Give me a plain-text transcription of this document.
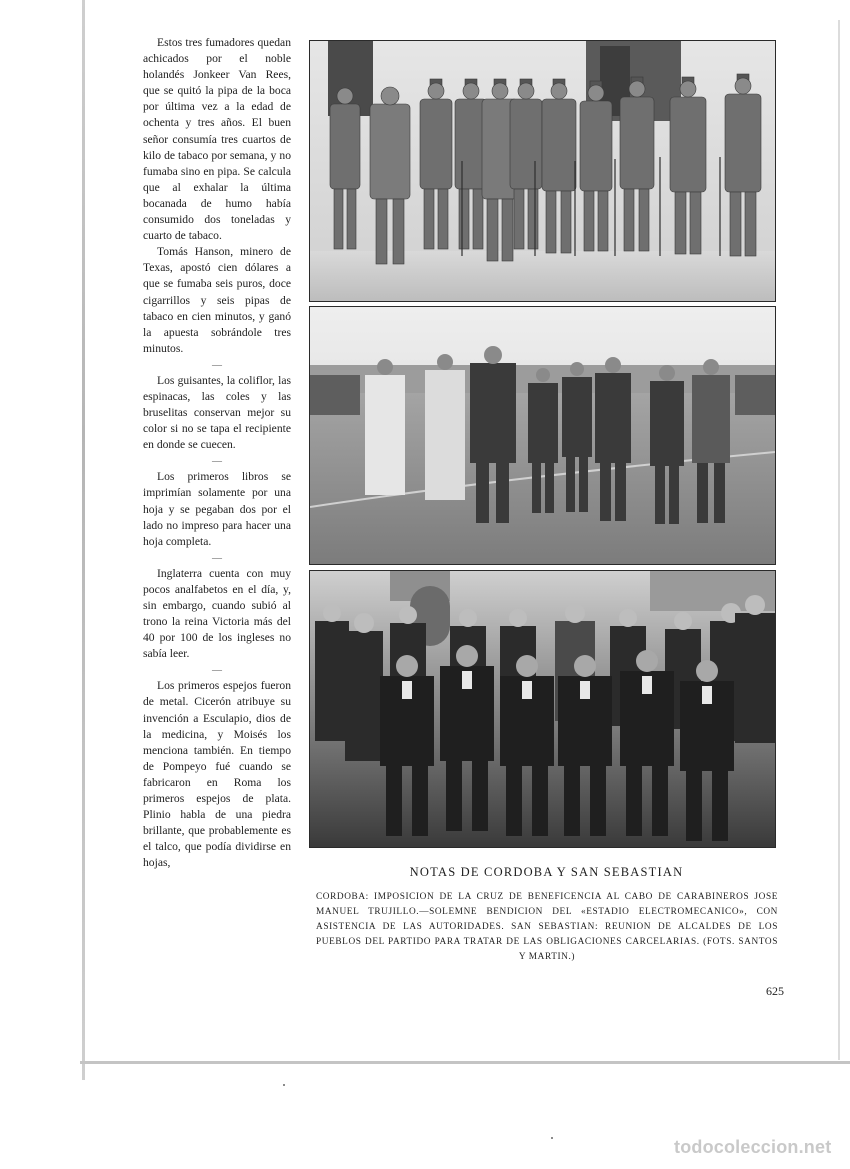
Estos tres fumadores quedan achicados por el noble holandés Jonkeer Van Rees, que se quitó la pipa de la boca por última vez a la edad de ochenta y tres años. El buen señor consumía tres cuartos de kilo de tabaco por semana, y no fumaba sino en pipa. Se calcula que al exhalar la última bocanada de humo había consumido dos toneladas y cuarto de tabaco.

Tomás Hanson, minero de Texas, apostó cien dólares a que se fumaba seis puros, doce cigarrillos y seis pipas de tabaco en cien minutos, y ganó la apuesta sobrándole tres minutos.

—

Los guisantes, la coliflor, las espinacas, las coles y las bruselitas conservan mejor su color si no se tapa el recipiente en donde se cuecen.

—

Los primeros libros se imprimían solamente por una hoja y se pegaban dos por el lado no impreso para hacer una hoja completa.

—

Inglaterra cuenta con muy pocos analfabetos en el día, y, sin embargo, cuando subió al trono la reina Victoria más del 40 por 100 de los ingleses no sabía leer.

—

Los primeros espejos fueron de metal. Cicerón atribuye su invención a Esculapio, dios de la medicina, y Moisés los menciona también. En tiempo de Pompeyo fué cuando se fabricaron en Roma los primeros espejos de plata. Plinio habla de una piedra brillante, que probablemente es el talco, que podía dividirse en hojas,

NOTAS DE CORDOBA Y SAN SEBASTIAN
CORDOBA: IMPOSICION DE LA CRUZ DE BENEFICENCIA AL CABO DE CARABINEROS JOSE MANUEL TRUJILLO.—SOLEMNE BENDICION DEL «ESTADIO ELECTROMECANICO», CON ASISTENCIA DE LAS AUTORIDADES. SAN SEBASTIAN: REUNION DE ALCALDES DE LOS PUEBLOS DEL PARTIDO PARA TRATAR DE LAS OBLIGACIONES CARCELARIAS. (FOTS. SANTOS Y MARTIN.)
625
todocoleccion.net
